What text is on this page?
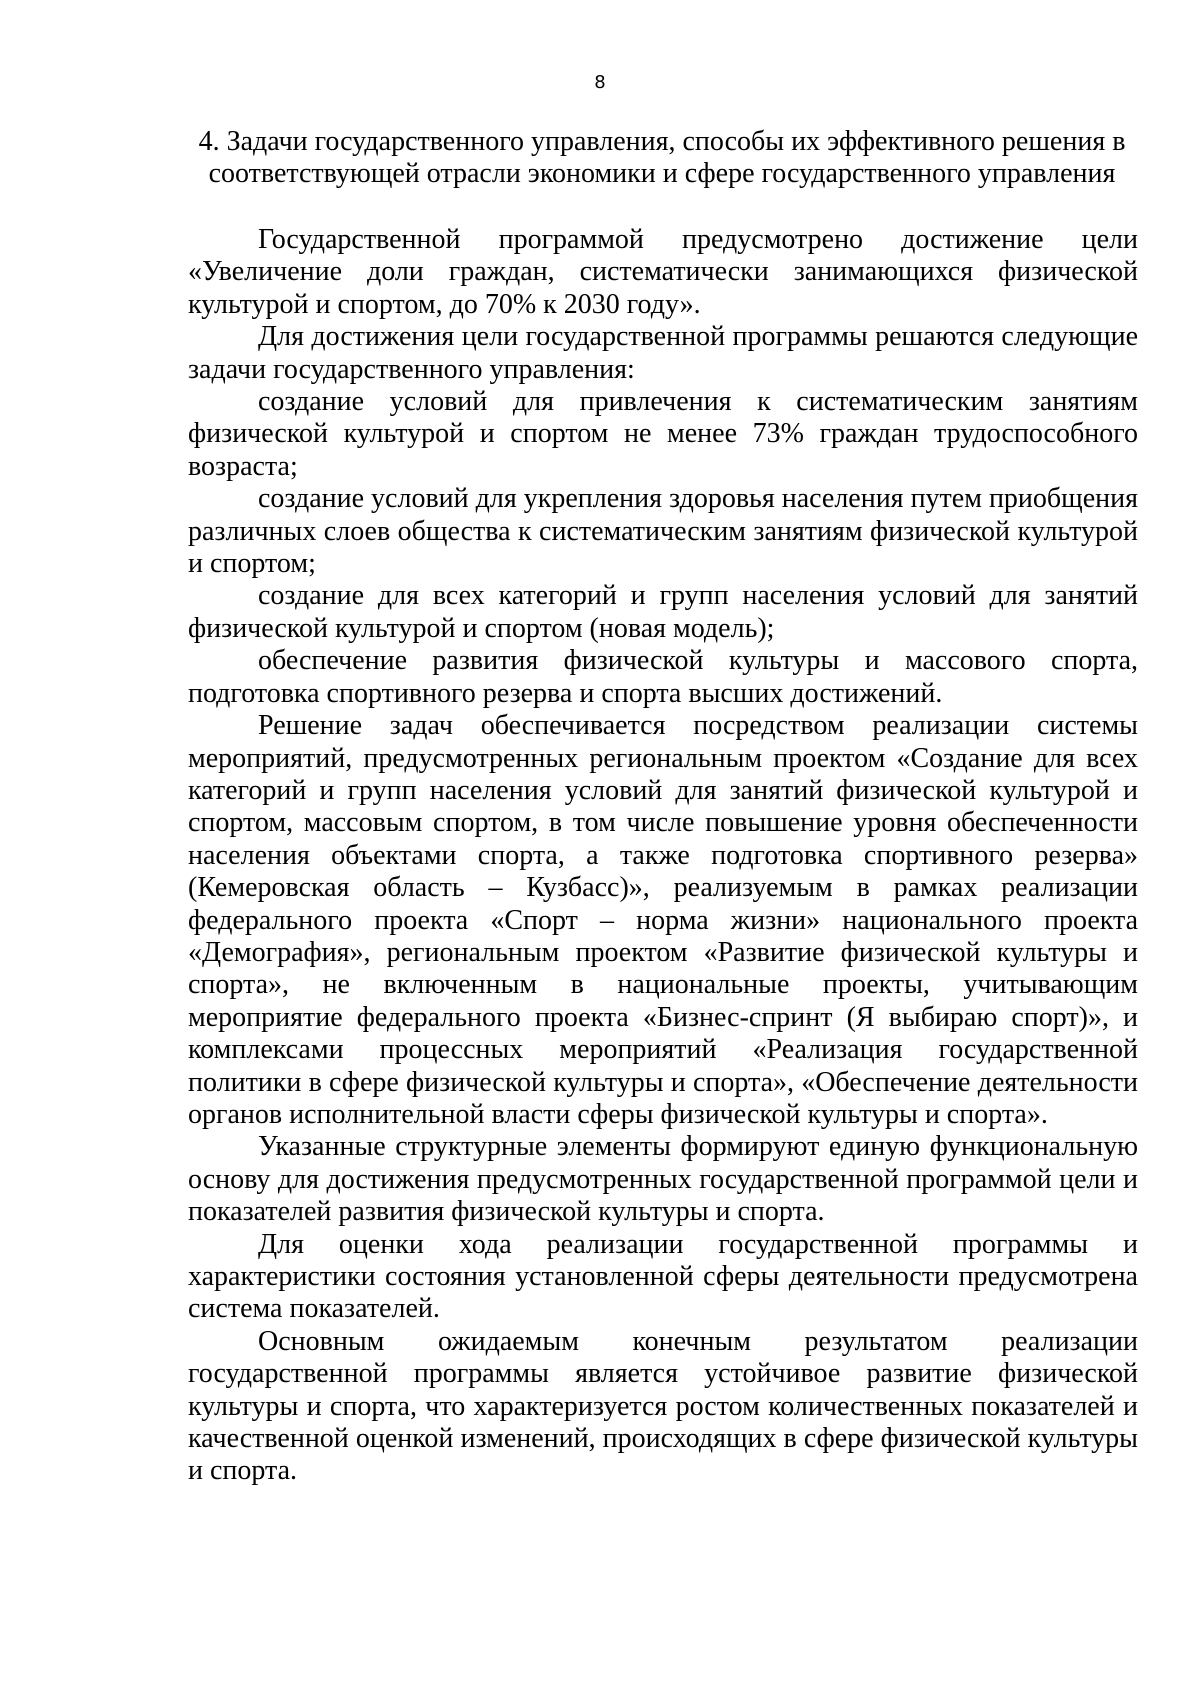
8
4. Задачи государственного управления, способы их эффективного решения в соответствующей отрасли экономики и сфере государственного управления

Государственной программой предусмотрено достижение цели «Увеличение доли граждан, систематически занимающихся физической культурой и спортом, до 70% к 2030 году».

Для достижения цели государственной программы решаются следующие задачи государственного управления:

создание условий для привлечения к систематическим занятиям физической культурой и спортом не менее 73% граждан трудоспособного возраста;

создание условий для укрепления здоровья населения путем приобщения различных слоев общества к систематическим занятиям физической культурой и спортом;

создание для всех категорий и групп населения условий для занятий физической культурой и спортом (новая модель);

обеспечение развития физической культуры и массового спорта, подготовка спортивного резерва и спорта высших достижений.

Решение задач обеспечивается посредством реализации системы мероприятий, предусмотренных региональным проектом «Создание для всех категорий и групп населения условий для занятий физической культурой и спортом, массовым спортом, в том числе повышение уровня обеспеченности населения объектами спорта, а также подготовка спортивного резерва» (Кемеровская область – Кузбасс)», реализуемым в рамках реализации федерального проекта «Спорт – норма жизни» национального проекта «Демография», региональным проектом «Развитие физической культуры и спорта», не включенным в национальные проекты, учитывающим мероприятие федерального проекта «Бизнес-спринт (Я выбираю спорт)», и комплексами процессных мероприятий «Реализация государственной политики в сфере физической культуры и спорта», «Обеспечение деятельности органов исполнительной власти сферы физической культуры и спорта».

Указанные структурные элементы формируют единую функциональную основу для достижения предусмотренных государственной программой цели и показателей развития физической культуры и спорта.

Для оценки хода реализации государственной программы и характеристики состояния установленной сферы деятельности предусмотрена система показателей.

Основным ожидаемым конечным результатом реализации государственной программы является устойчивое развитие физической культуры и спорта, что характеризуется ростом количественных показателей и качественной оценкой изменений, происходящих в сфере физической культуры и спорта.
